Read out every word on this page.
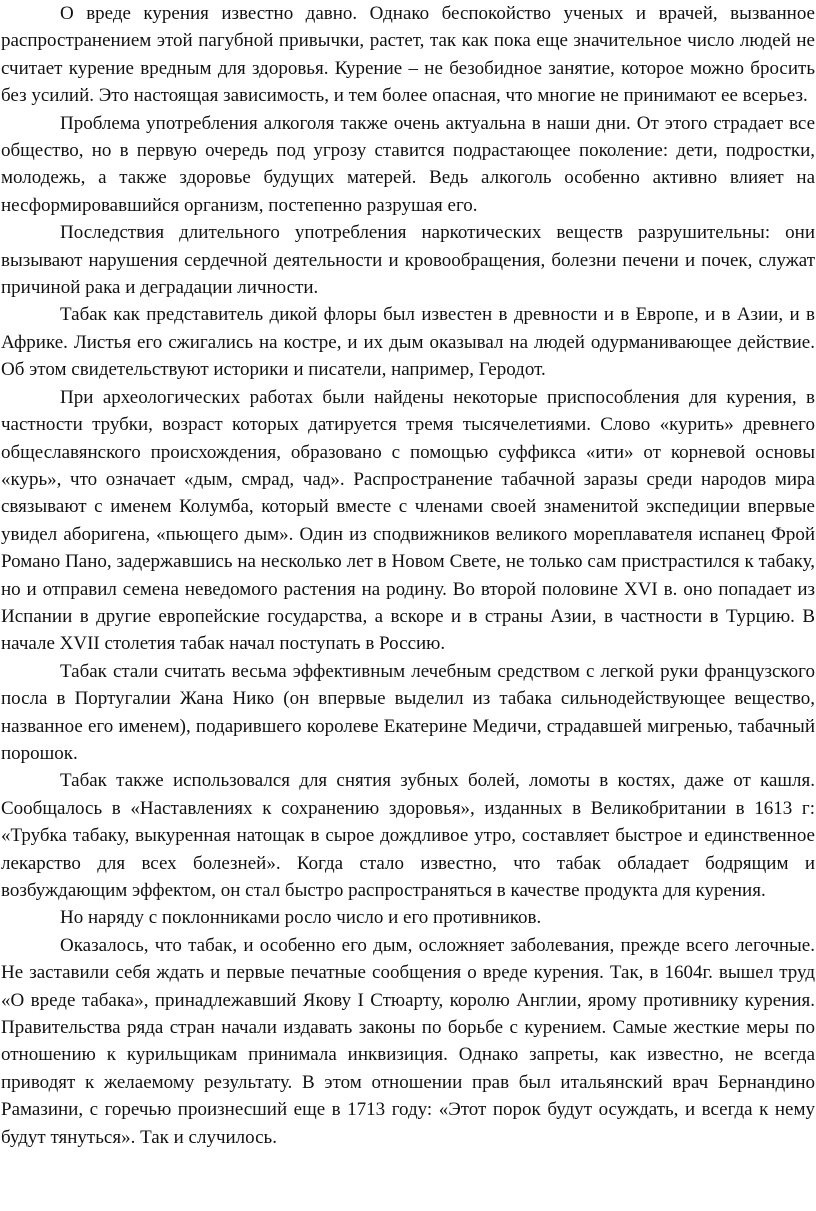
О вреде курения известно давно. Однако беспокойство ученых и врачей, вызванное распространением этой пагубной привычки, растет, так как пока еще значительное число людей не считает курение вредным для здоровья. Курение – не безобидное занятие, которое можно бросить без усилий. Это настоящая зависимость, и тем более опасная, что многие не принимают ее всерьез.

Проблема употребления алкоголя также очень актуальна в наши дни. От этого страдает все общество, но в первую очередь под угрозу ставится подрастающее поколение: дети, подростки, молодежь, а также здоровье будущих матерей. Ведь алкоголь особенно активно влияет на несформировавшийся организм, постепенно разрушая его.

Последствия длительного употребления наркотических веществ разрушительны: они вызывают нарушения сердечной деятельности и кровообращения, болезни печени и почек, служат причиной рака и деградации личности.

Табак как представитель дикой флоры был известен в древности и в Европе, и в Азии, и в Африке. Листья его сжигались на костре, и их дым оказывал на людей одурманивающее действие. Об этом свидетельствуют историки и писатели, например, Геродот.

При археологических работах были найдены некоторые приспособления для курения, в частности трубки, возраст которых датируется тремя тысячелетиями. Слово «курить» древнего общеславянского происхождения, образовано с помощью суффикса «ити» от корневой основы «курь», что означает «дым, смрад, чад». Распространение табачной заразы среди народов мира связывают с именем Колумба, который вместе с членами своей знаменитой экспедиции впервые увидел аборигена, «пьющего дым». Один из сподвижников великого мореплавателя испанец Фрой Романо Пано, задержавшись на несколько лет в Новом Свете, не только сам пристрастился к табаку, но и отправил семена неведомого растения на родину. Во второй половине XVI в. оно попадает из Испании в другие европейские государства, а вскоре и в страны Азии, в частности в Турцию. В начале XVII столетия табак начал поступать в Россию.

Табак стали считать весьма эффективным лечебным средством с легкой руки французского посла в Португалии Жана Нико (он впервые выделил из табака сильнодействующее вещество, названное его именем), подарившего королеве Екатерине Медичи, страдавшей мигренью, табачный порошок.

Табак также использовался для снятия зубных болей, ломоты в костях, даже от кашля. Сообщалось в «Наставлениях к сохранению здоровья», изданных в Великобритании в 1613 г: «Трубка табаку, выкуренная натощак в сырое дождливое утро, составляет быстрое и единственное лекарство для всех болезней». Когда стало известно, что табак обладает бодрящим и возбуждающим эффектом, он стал быстро распространяться в качестве продукта для курения.

Но наряду с поклонниками росло число и его противников.

Оказалось, что табак, и особенно его дым, осложняет заболевания, прежде всего легочные. Не заставили себя ждать и первые печатные сообщения о вреде курения. Так, в 1604г. вышел труд «О вреде табака», принадлежавший Якову I Стюарту, королю Англии, ярому противнику курения. Правительства ряда стран начали издавать законы по борьбе с курением. Самые жесткие меры по отношению к курильщикам принимала инквизиция. Однако запреты, как известно, не всегда приводят к желаемому результату. В этом отношении прав был итальянский врач Бернандино Рамазини, с горечью произнесший еще в 1713 году: «Этот порок будут осуждать, и всегда к нему будут тянуться». Так и случилось.
